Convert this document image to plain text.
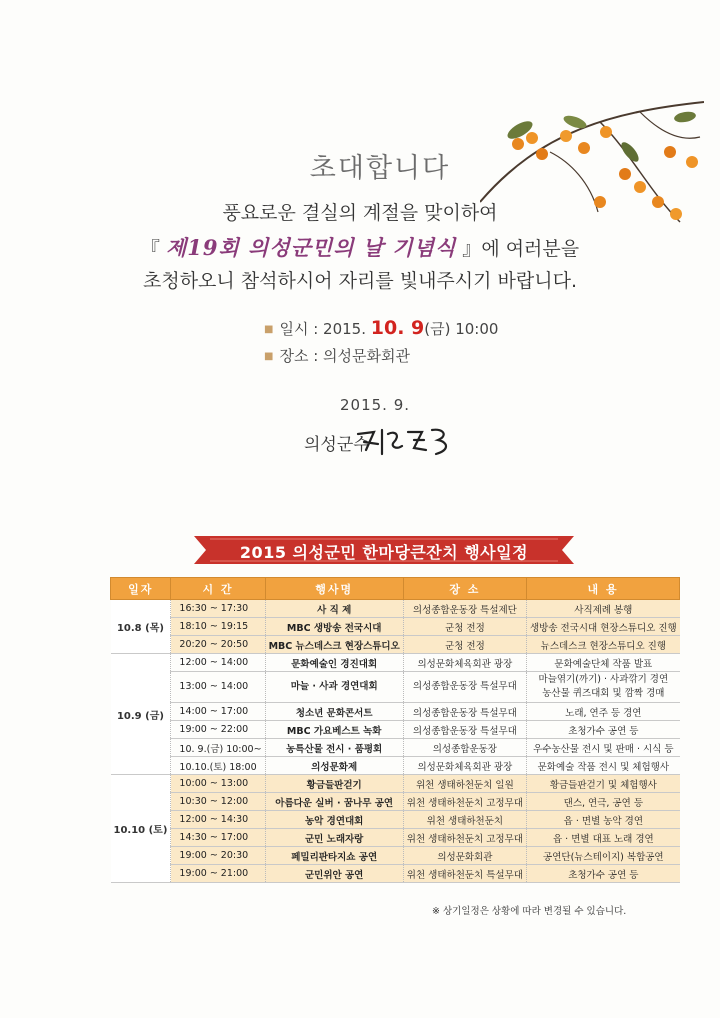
초대합니다
풍요로운 결실의 계절을 맞이하여
『 제19회 의성군민의 날 기념식 』에 여러분을
초청하오니 참석하시어 자리를 빛내주시기 바랍니다.
■ 일시 : 2015. 10. 9(금) 10:00
■ 장소 : 의성문화회관
2015. 9.
의성군수
2015 의성군민 한마당큰잔치 행사일정
일자	시 간	행사명	장 소	내 용
10.8 (목)	16:30 ~ 17:30	사 직 제	의성종합운동장 특설제단	사직제례 봉행
	18:10 ~ 19:15	MBC 생방송 전국시대	군청 전정	생방송 전국시대 현장스튜디오 진행
	20:20 ~ 20:50	MBC 뉴스데스크 현장스튜디오	군청 전정	뉴스데스크 현장스튜디오 진행
10.9 (금)	12:00 ~ 14:00	문화예술인 경진대회	의성문화체육회관 광장	문화예술단체 작품 발표
	13:00 ~ 14:00	마늘 · 사과 경연대회	의성종합운동장 특설무대	마늘엮기(까기) · 사과깎기 경연
농산물 퀴즈대회 및 깜짝 경매

	14:00 ~ 17:00	청소년 문화콘서트	의성종합운동장 특설무대	노래, 연주 등 경연
	19:00 ~ 22:00	MBC 가요베스트 녹화	의성종합운동장 특설무대	초청가수 공연 등
	10. 9.(금) 10:00~	농특산물 전시 · 품평회	의성종합운동장	우수농산물 전시 및 판매 · 시식 등
	10.10.(토) 18:00	의성문화제	의성문화체육회관 광장	문화예술 작품 전시 및 체험행사
10.10 (토)	10:00 ~ 13:00	황금들판걷기	위천 생태하천둔치 일원	황금들판걷기 및 체험행사
	10:30 ~ 12:00	아름다운 실버 · 꿈나무 공연	위천 생태하천둔치 고정무대	댄스, 연극, 공연 등
	12:00 ~ 14:30	농악 경연대회	위천 생태하천둔치	읍 · 면별 농악 경연
	14:30 ~ 17:00	군민 노래자랑	위천 생태하천둔치 고정무대	읍 · 면별 대표 노래 경연
	19:00 ~ 20:30	페밀리판타지쇼 공연	의성문화회관	공연단(뉴스테이지) 복합공연
	19:00 ~ 21:00	군민위안 공연	위천 생태하천둔치 특설무대	초청가수 공연 등
※ 상기일정은 상황에 따라 변경될 수 있습니다.
